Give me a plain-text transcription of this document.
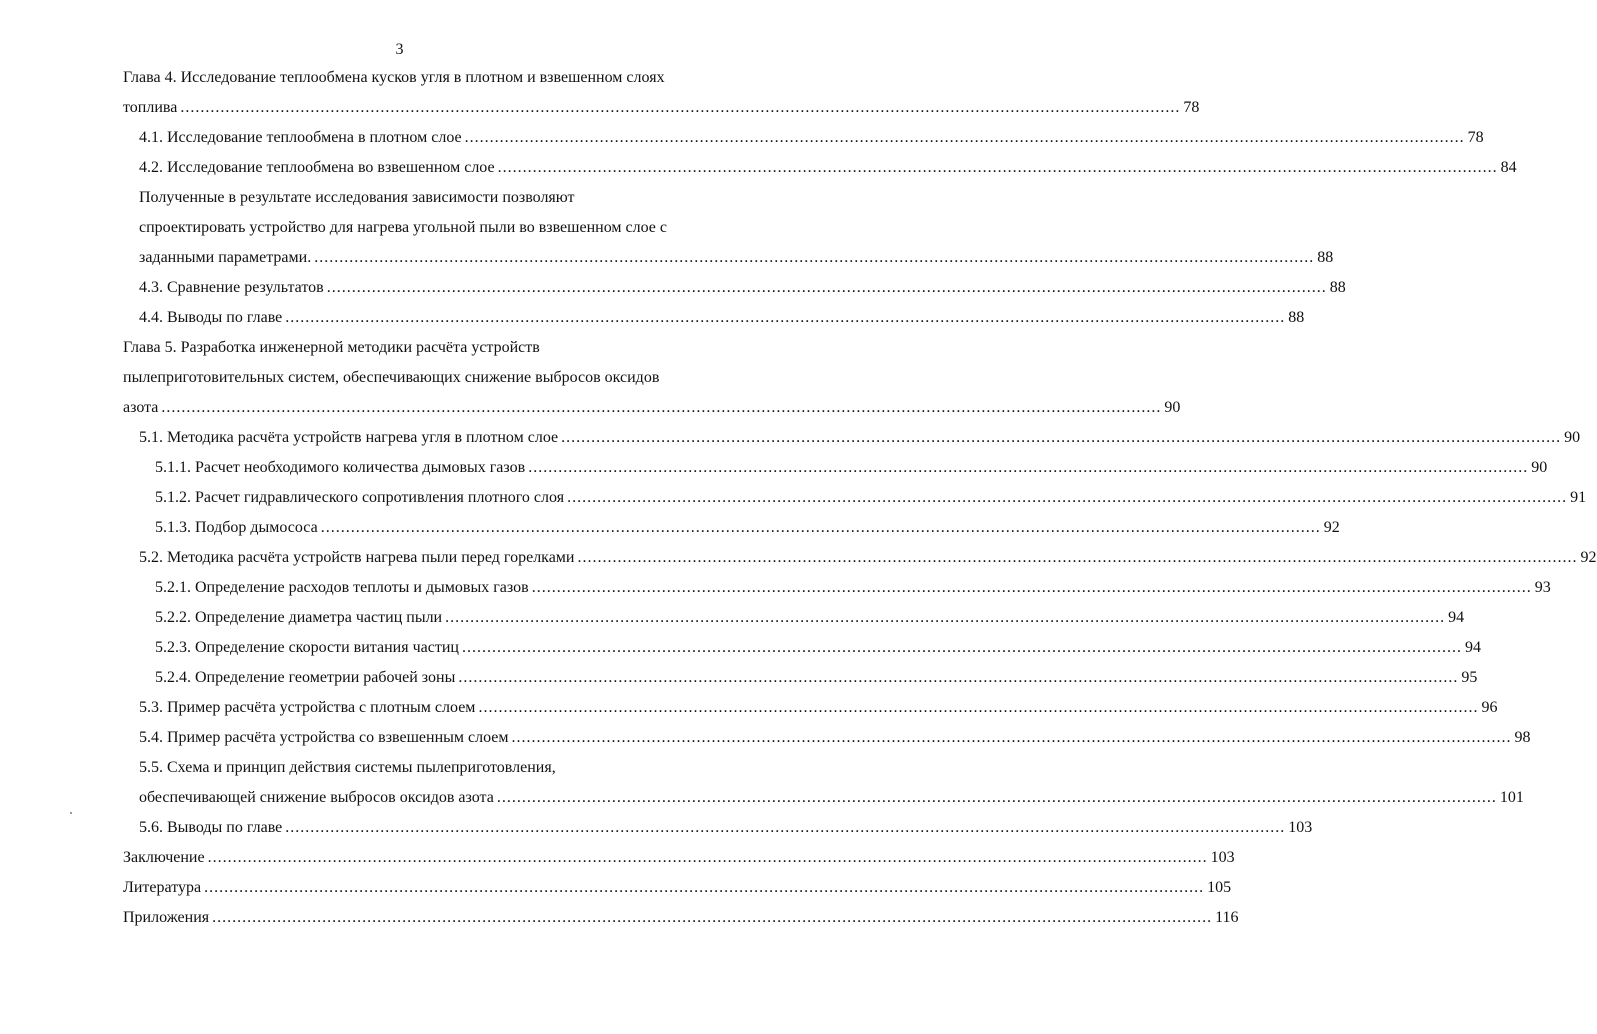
3
Глава 4. Исследование теплообмена кусков угля в плотном и взвешенном слоях
топлива ........................................................................................................................................................................................................ 78
4.1. Исследование теплообмена в плотном слое ........................................................................................................................................................................................................ 78
4.2. Исследование теплообмена во взвешенном слое ........................................................................................................................................................................................................ 84
Полученные в результате исследования зависимости позволяют
спроектировать устройство для нагрева угольной пыли во взвешенном слое с
заданными параметрами. ........................................................................................................................................................................................................ 88
4.3. Сравнение результатов ........................................................................................................................................................................................................ 88
4.4. Выводы по главе ........................................................................................................................................................................................................ 88
Глава 5. Разработка инженерной методики расчёта устройств
пылеприготовительных систем, обеспечивающих снижение выбросов оксидов
азота ........................................................................................................................................................................................................ 90
5.1. Методика расчёта устройств нагрева угля в плотном слое ........................................................................................................................................................................................................ 90
5.1.1. Расчет необходимого количества дымовых газов ........................................................................................................................................................................................................ 90
5.1.2. Расчет гидравлического сопротивления плотного слоя ........................................................................................................................................................................................................ 91
5.1.3. Подбор дымососа ........................................................................................................................................................................................................ 92
5.2. Методика расчёта устройств нагрева пыли перед горелками ........................................................................................................................................................................................................ 92
5.2.1. Определение расходов теплоты и дымовых газов ........................................................................................................................................................................................................ 93
5.2.2. Определение диаметра частиц пыли ........................................................................................................................................................................................................ 94
5.2.3. Определение скорости витания частиц ........................................................................................................................................................................................................ 94
5.2.4. Определение геометрии рабочей зоны ........................................................................................................................................................................................................ 95
5.3. Пример расчёта устройства с плотным слоем ........................................................................................................................................................................................................ 96
5.4. Пример расчёта устройства со взвешенным слоем ........................................................................................................................................................................................................ 98
5.5. Схема и принцип действия системы пылеприготовления,
обеспечивающей снижение выбросов оксидов азота ........................................................................................................................................................................................................ 101
5.6. Выводы по главе ........................................................................................................................................................................................................ 103
Заключение ........................................................................................................................................................................................................ 103
Литература ........................................................................................................................................................................................................ 105
Приложения ........................................................................................................................................................................................................ 116
